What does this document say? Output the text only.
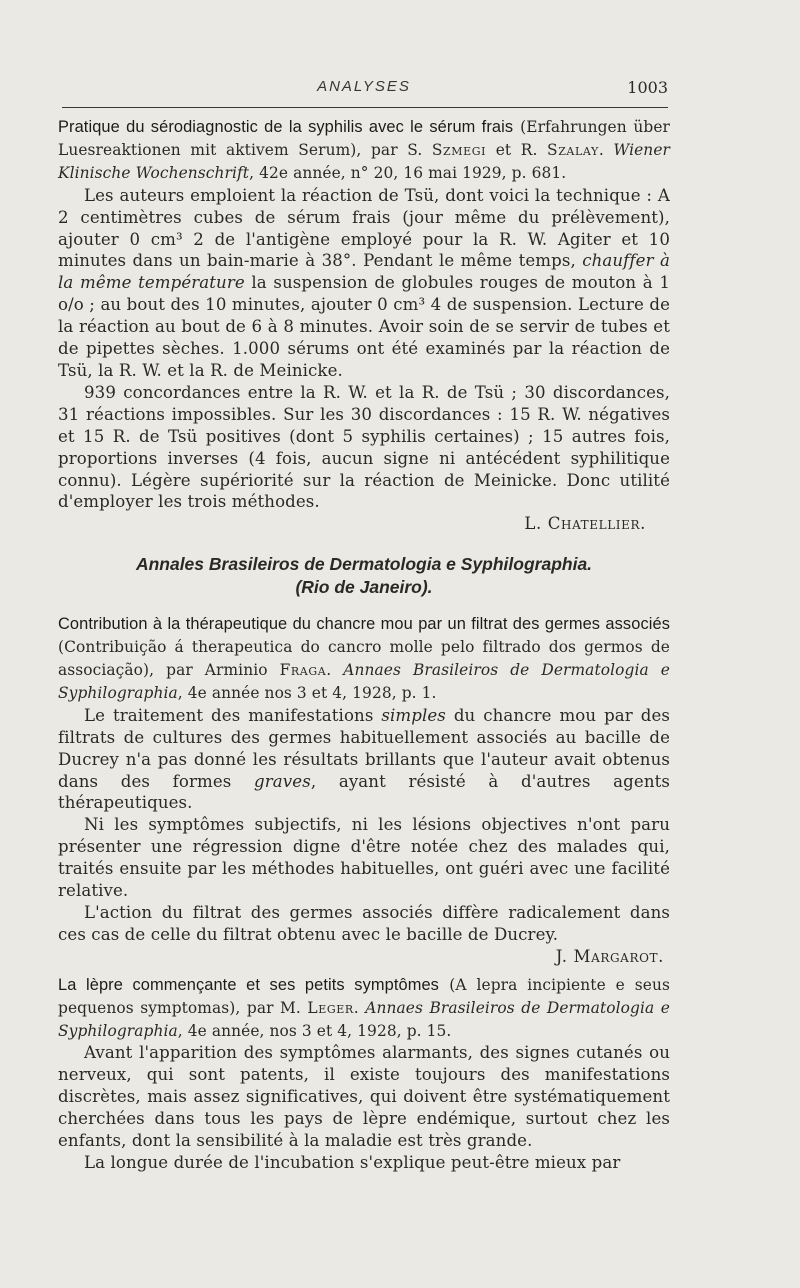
ANALYSES	1003

Pratique du sérodiagnostic de la syphilis avec le sérum frais (Erfahrungen über Luesreaktionen mit aktivem Serum), par S. Szmegi et R. Szalay. Wiener Klinische Wochenschrift, 42e année, n° 20, 16 mai 1929, p. 681.

Les auteurs emploient la réaction de Tsü, dont voici la technique : A 2 centimètres cubes de sérum frais (jour même du prélèvement), ajouter 0 cm³ 2 de l'antigène employé pour la R. W. Agiter et 10 minutes dans un bain-marie à 38°. Pendant le même temps, chauffer à la même température la suspension de globules rouges de mouton à 1 o/o ; au bout des 10 minutes, ajouter 0 cm³ 4 de suspension. Lecture de la réaction au bout de 6 à 8 minutes. Avoir soin de se servir de tubes et de pipettes sèches. 1.000 sérums ont été examinés par la réaction de Tsü, la R. W. et la R. de Meinicke.

939 concordances entre la R. W. et la R. de Tsü ; 30 discordances, 31 réactions impossibles. Sur les 30 discordances : 15 R. W. négatives et 15 R. de Tsü positives (dont 5 syphilis certaines) ; 15 autres fois, proportions inverses (4 fois, aucun signe ni antécédent syphilitique connu). Légère supériorité sur la réaction de Meinicke. Donc utilité d'employer les trois méthodes.

L. Chatellier.

Annales Brasileiros de Dermatologia e Syphilographia.
(Rio de Janeiro).

Contribution à la thérapeutique du chancre mou par un filtrat des germes associés (Contribuição á therapeutica do cancro molle pelo filtrado dos germos de associação), par Arminio Fraga. Annaes Brasileiros de Dermatologia e Syphilographia, 4e année nos 3 et 4, 1928, p. 1.

Le traitement des manifestations simples du chancre mou par des filtrats de cultures des germes habituellement associés au bacille de Ducrey n'a pas donné les résultats brillants que l'auteur avait obtenus dans des formes graves, ayant résisté à d'autres agents thérapeutiques.

Ni les symptômes subjectifs, ni les lésions objectives n'ont paru présenter une régression digne d'être notée chez des malades qui, traités ensuite par les méthodes habituelles, ont guéri avec une facilité relative.

L'action du filtrat des germes associés diffère radicalement dans ces cas de celle du filtrat obtenu avec le bacille de Ducrey.

J. Margarot.

La lèpre commençante et ses petits symptômes (A lepra incipiente e seus pequenos symptomas), par M. Leger. Annaes Brasileiros de Dermatologia e Syphilographia, 4e année, nos 3 et 4, 1928, p. 15.

Avant l'apparition des symptômes alarmants, des signes cutanés ou nerveux, qui sont patents, il existe toujours des manifestations discrètes, mais assez significatives, qui doivent être systématiquement cherchées dans tous les pays de lèpre endémique, surtout chez les enfants, dont la sensibilité à la maladie est très grande.

La longue durée de l'incubation s'explique peut-être mieux par
